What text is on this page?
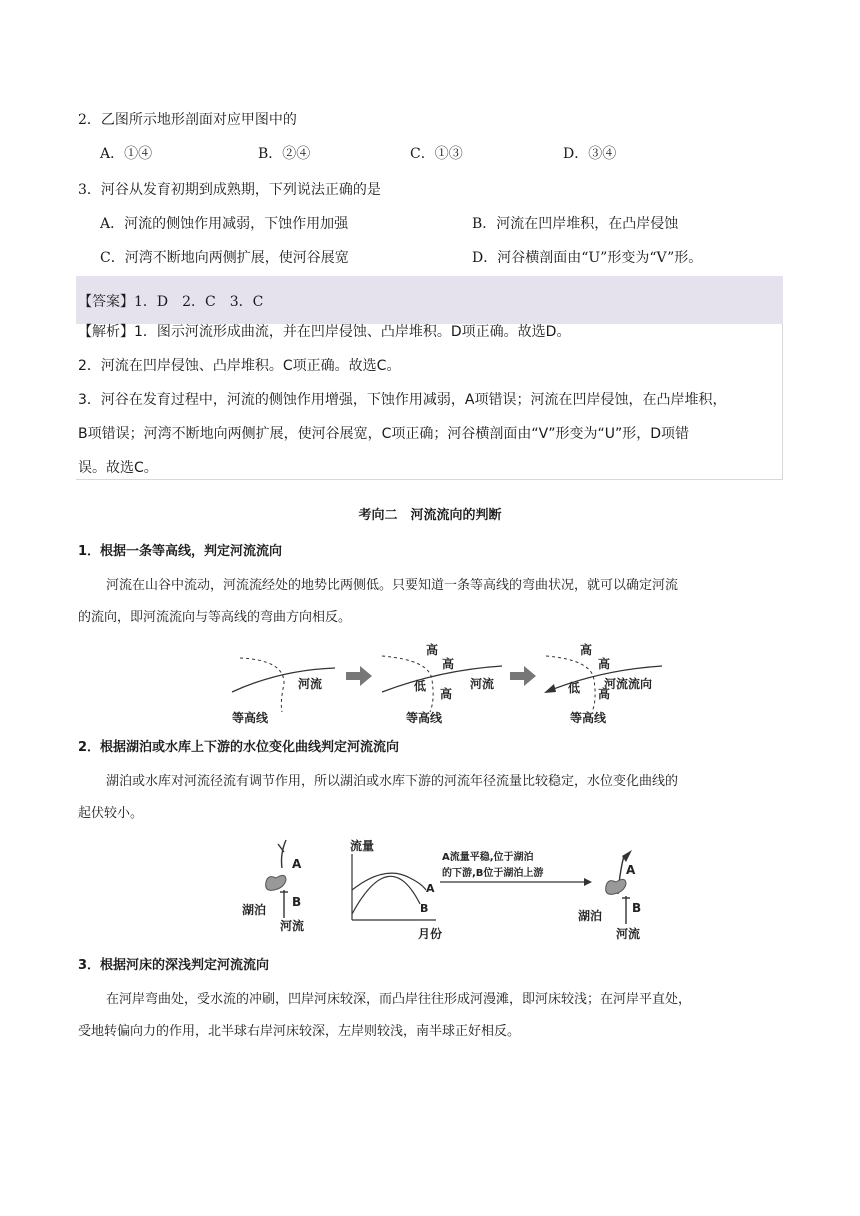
2．乙图所示地形剖面对应甲图中的
A．①④	B．②④	C．①③	D．③④
3．河谷从发育初期到成熟期，下列说法正确的是
A．河流的侧蚀作用减弱，下蚀作用加强	B．河流在凹岸堆积，在凸岸侵蚀
C．河湾不断地向两侧扩展，使河谷展宽	D．河谷横剖面由“U”形变为“V”形。
【答案】1．D　2．C　3．C
【解析】1．图示河流形成曲流，并在凹岸侵蚀、凸岸堆积。D项正确。故选D。
2．河流在凹岸侵蚀、凸岸堆积。C项正确。故选C。
3．河谷在发育过程中，河流的侧蚀作用增强，下蚀作用减弱，A项错误；河流在凹岸侵蚀，在凸岸堆积，
B项错误；河湾不断地向两侧扩展，使河谷展宽，C项正确；河谷横剖面由“V”形变为“U”形，D项错
误。故选C。
考向二　河流流向的判断
1．根据一条等高线，判定河流流向
河流在山谷中流动，河流流经处的地势比两侧低。只要知道一条等高线的弯曲状况，就可以确定河流
的流向，即河流流向与等高线的弯曲方向相反。
河流
等高线
高
高
低
高
河流
等高线
高
高
低 高
河流流向
等高线
2．根据湖泊或水库上下游的水位变化曲线判定河流流向
湖泊或水库对河流径流有调节作用，所以湖泊或水库下游的河流年径流量比较稳定，水位变化曲线的
起伏较小。
A
B
湖泊
河流
流量
A
B
月份
A流量平稳,位于湖泊
的下游,B位于湖泊上游	A
B
湖泊
河流
3．根据河床的深浅判定河流流向
在河岸弯曲处，受水流的冲刷，凹岸河床较深，而凸岸往往形成河漫滩，即河床较浅；在河岸平直处，
受地转偏向力的作用，北半球右岸河床较深，左岸则较浅，南半球正好相反。
